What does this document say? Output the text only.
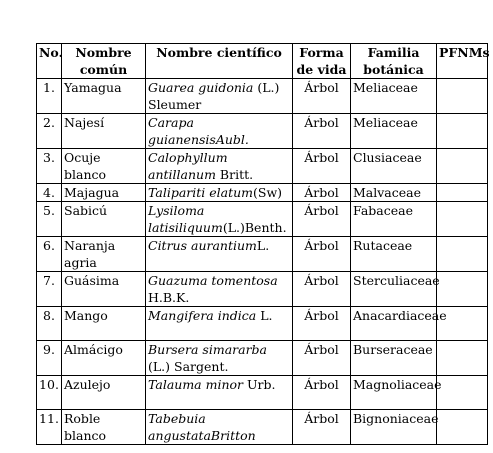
No.	Nombre común	Nombre científico	Forma de vida	Familia botánica	PFNMs
1.	Yamagua	Guarea guidonia (L.) Sleumer	Árbol	Meliaceae	
2.	Najesí	Carapa guianensisAubl.	Árbol	Meliaceae	
3.	Ocuje blanco	Calophyllum antillanum Britt.	Árbol	Clusiaceae	
4.	Majagua	Talipariti elatum(Sw)	Árbol	Malvaceae	
5.	Sabicú	Lysiloma latisiliquum(L.)Benth.	Árbol	Fabaceae	
6.	Naranja agria	Citrus aurantiumL.	Árbol	Rutaceae	
7.	Guásima	Guazuma tomentosa H.B.K.	Árbol	Sterculiaceae	
8.	Mango	Mangifera indica L.	Árbol	Anacardiaceae	
9.	Almácigo	Bursera simararba (L.) Sargent.	Árbol	Burseraceae	
10.	Azulejo	Talauma minor Urb.	Árbol	Magnoliaceae	
11.	Roble blanco	Tabebuia angustataBritton	Árbol	Bignoniaceae	
